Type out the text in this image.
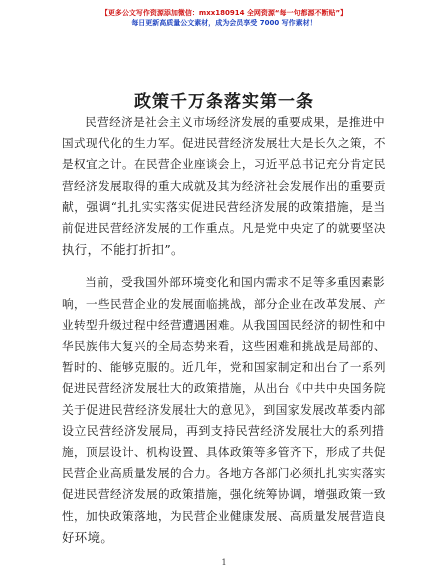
【更多公文写作资源添加微信：mxx180914 全网资源“每一句都源不断贴”】
每日更新高质量公文素材，成为会员享受 7000 写作素材！
政策千万条落实第一条

民营经济是社会主义市场经济发展的重要成果，是推进中

国式现代化的生力军。促进民营经济发展壮大是长久之策，不

是权宜之计。在民营企业座谈会上，习近平总书记充分肯定民

营经济发展取得的重大成就及其为经济社会发展作出的重要贡

献，强调“扎扎实实落实促进民营经济发展的政策措施，是当

前促进民营经济发展的工作重点。凡是党中央定了的就要坚决

执行，不能打折扣”。

当前，受我国外部环境变化和国内需求不足等多重因素影

响，一些民营企业的发展面临挑战，部分企业在改革发展、产

业转型升级过程中经营遭遇困难。从我国国民经济的韧性和中

华民族伟大复兴的全局态势来看，这些困难和挑战是局部的、

暂时的、能够克服的。近几年，党和国家制定和出台了一系列

促进民营经济发展壮大的政策措施，从出台《中共中央国务院

关于促进民营经济发展壮大的意见》，到国家发展改革委内部

设立民营经济发展局，再到支持民营经济发展壮大的系列措

施，顶层设计、机构设置、具体政策等多管齐下，形成了共促

民营企业高质量发展的合力。各地方各部门必须扎扎实实落实

促进民营经济发展的政策措施，强化统筹协调，增强政策一致

性，加快政策落地，为民营企业健康发展、高质量发展营造良

好环境。

1
